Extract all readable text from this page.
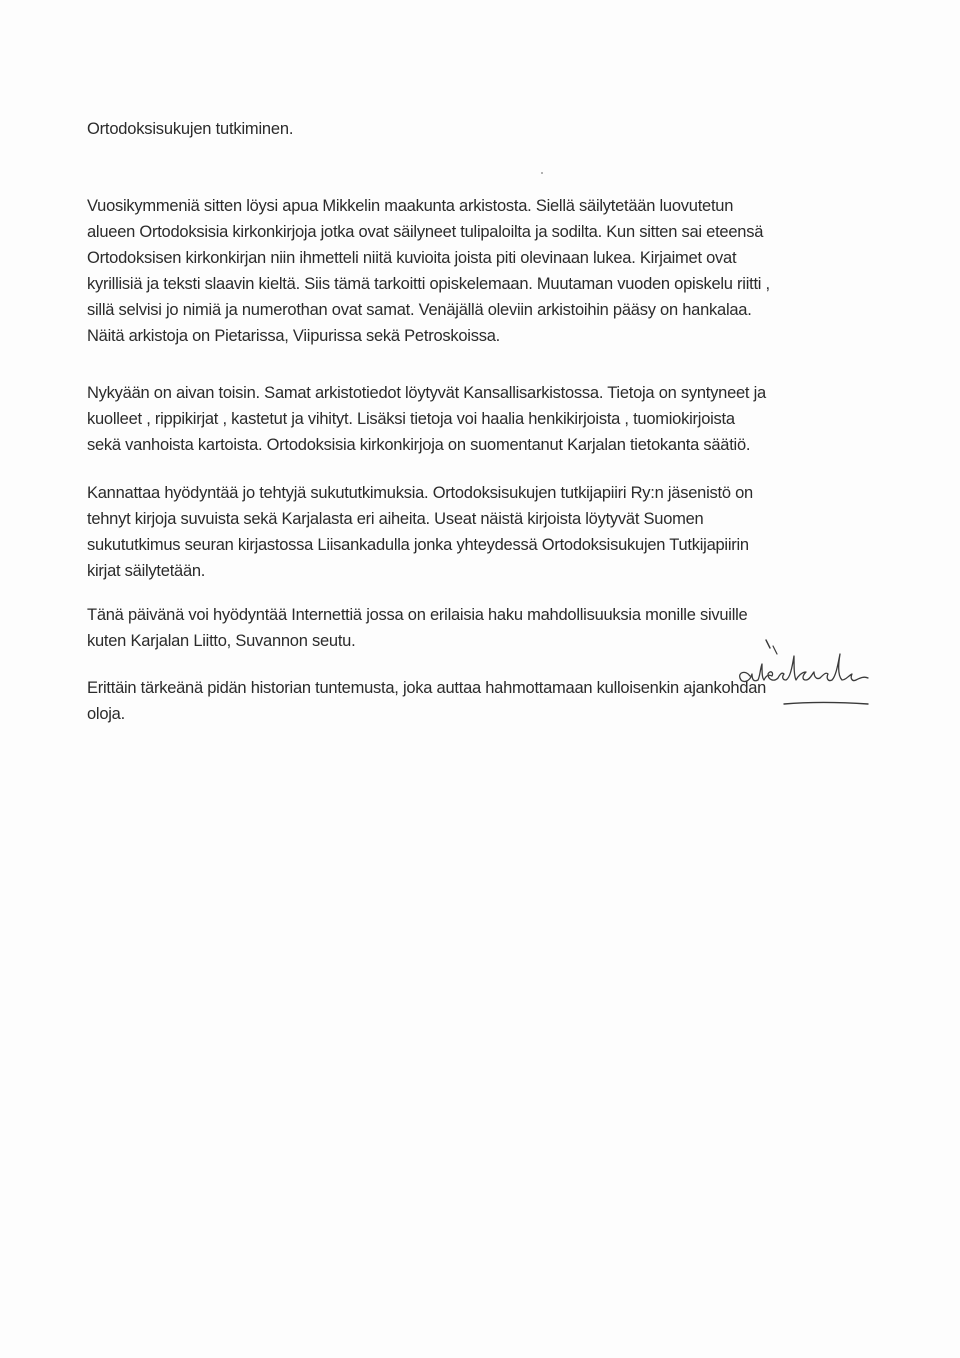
Ortodoksisukujen tutkiminen.
Vuosikymmeniä sitten löysi apua Mikkelin maakunta arkistosta. Siellä säilytetään luovutetun
alueen Ortodoksisia kirkonkirjoja jotka ovat säilyneet tulipaloilta ja sodilta. Kun sitten sai eteensä
Ortodoksisen kirkonkirjan niin ihmetteli niitä kuvioita joista piti olevinaan lukea. Kirjaimet ovat
kyrillisiä ja teksti slaavin kieltä. Siis tämä tarkoitti opiskelemaan. Muutaman vuoden opiskelu riitti ,
sillä selvisi jo nimiä ja numerothan ovat samat. Venäjällä oleviin arkistoihin pääsy on hankalaa.
Näitä arkistoja on Pietarissa, Viipurissa sekä Petroskoissa.
Nykyään on aivan toisin. Samat arkistotiedot löytyvät Kansallisarkistossa. Tietoja on syntyneet ja
kuolleet , rippikirjat , kastetut ja vihityt. Lisäksi tietoja voi haalia henkikirjoista , tuomiokirjoista
sekä vanhoista kartoista. Ortodoksisia kirkonkirjoja on suomentanut Karjalan tietokanta säätiö.
Kannattaa hyödyntää jo tehtyjä sukututkimuksia. Ortodoksisukujen tutkijapiiri Ry:n jäsenistö on
tehnyt kirjoja suvuista sekä Karjalasta eri aiheita. Useat näistä kirjoista löytyvät Suomen
sukututkimus seuran kirjastossa Liisankadulla jonka yhteydessä Ortodoksisukujen Tutkijapiirin
kirjat säilytetään.
Tänä päivänä voi hyödyntää Internettiä jossa on erilaisia haku mahdollisuuksia monille sivuille
kuten Karjalan Liitto, Suvannon seutu.
Erittäin tärkeänä pidän historian tuntemusta, joka auttaa hahmottamaan kulloisenkin ajankohdan
oloja.
